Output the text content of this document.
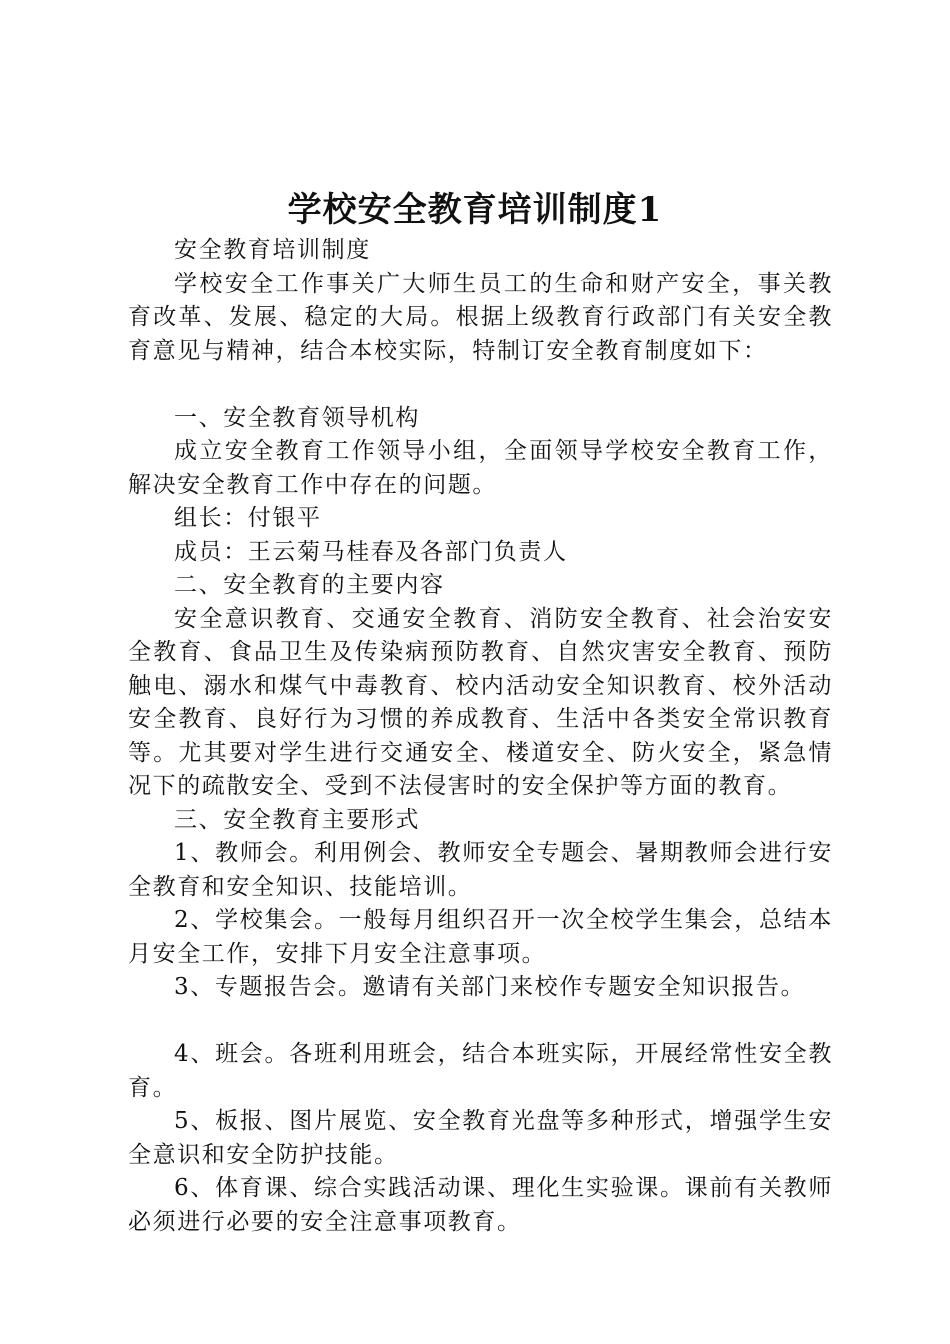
学校安全教育培训制度1

安全教育培训制度

学校安全工作事关广大师生员工的生命和财产安全，事关教育改革、发展、稳定的大局。根据上级教育行政部门有关安全教育意见与精神，结合本校实际，特制订安全教育制度如下：

一、安全教育领导机构

成立安全教育工作领导小组，全面领导学校安全教育工作，解决安全教育工作中存在的问题。

组长：付银平

成员：王云菊马桂春及各部门负责人

二、安全教育的主要内容

安全意识教育、交通安全教育、消防安全教育、社会治安安全教育、食品卫生及传染病预防教育、自然灾害安全教育、预防触电、溺水和煤气中毒教育、校内活动安全知识教育、校外活动安全教育、良好行为习惯的养成教育、生活中各类安全常识教育等。尤其要对学生进行交通安全、楼道安全、防火安全，紧急情况下的疏散安全、受到不法侵害时的安全保护等方面的教育。

三、安全教育主要形式

1、教师会。利用例会、教师安全专题会、暑期教师会进行安全教育和安全知识、技能培训。

2、学校集会。一般每月组织召开一次全校学生集会，总结本月安全工作，安排下月安全注意事项。

3、专题报告会。邀请有关部门来校作专题安全知识报告。

4、班会。各班利用班会，结合本班实际，开展经常性安全教育。

5、板报、图片展览、安全教育光盘等多种形式，增强学生安全意识和安全防护技能。

6、体育课、综合实践活动课、理化生实验课。课前有关教师必须进行必要的安全注意事项教育。
